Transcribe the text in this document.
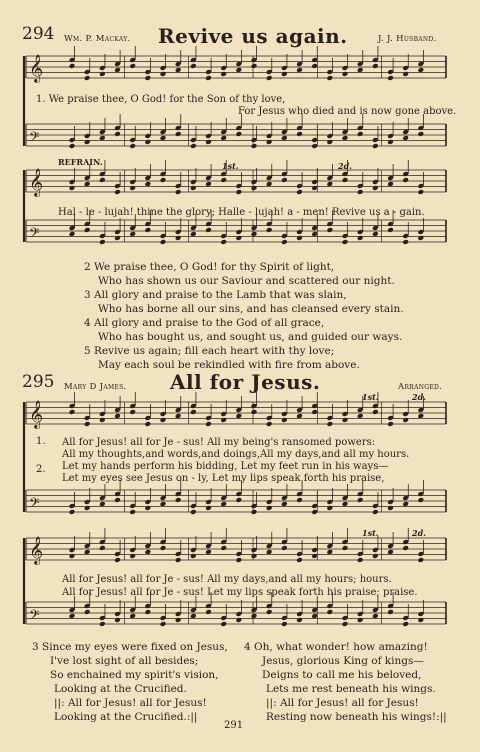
294 Wm. P. Mackay. Revive us again.	J. J. Husband.
𝄞
𝄢
𝄞
𝄢
𝄞
𝄢
𝄞
𝄢
1. We praise thee, O God! for the Son of thy love,
For Jesus who died and is now gone above.
REFRAIN.	1st.	2d.
Hal - le - lujah! thine the glory; Halle - lujah! a - men! Revive us a - gain.
2 We praise thee, O God! for thy Spirit of light,
Who has shown us our Saviour and scattered our night.
3 All glory and praise to the Lamb that was slain,
Who has borne all our sins, and has cleansed every stain.
4 All glory and praise to the God of all grace,
Who has bought us, and sought us, and guided our ways.
5 Revive us again; fill each heart with thy love;
May each soul be rekindled with fire from above.
295 Mary D James. All for Jesus.	Arranged.
1st.	2d.
1.
2.
All for Jesus! all for Je - sus! All my being's ransomed powers:
All my thoughts,and words,and doings,All my days,and all my hours.
Let my hands perform his bidding, Let my feet run in his ways—
Let my eyes see Jesus on - ly, Let my lips speak forth his praise,
1st.	2d.
All for Jesus! all for Je - sus! All my days,and all my hours; hours.
All for Jesus! all for Je - sus! Let my lips speak forth his praise; praise.
3 Since my eyes were fixed on Jesus,
I've lost sight of all besides;
So enchained my spirit's vision,
Looking at the Crucified.
||: All for Jesus! all for Jesus!
Looking at the Crucified.:||
4 Oh, what wonder! how amazing!
Jesus, glorious King of kings—
Deigns to call me his beloved,
Lets me rest beneath his wings.
||: All for Jesus! all for Jesus!
Resting now beneath his wings!:||
291
